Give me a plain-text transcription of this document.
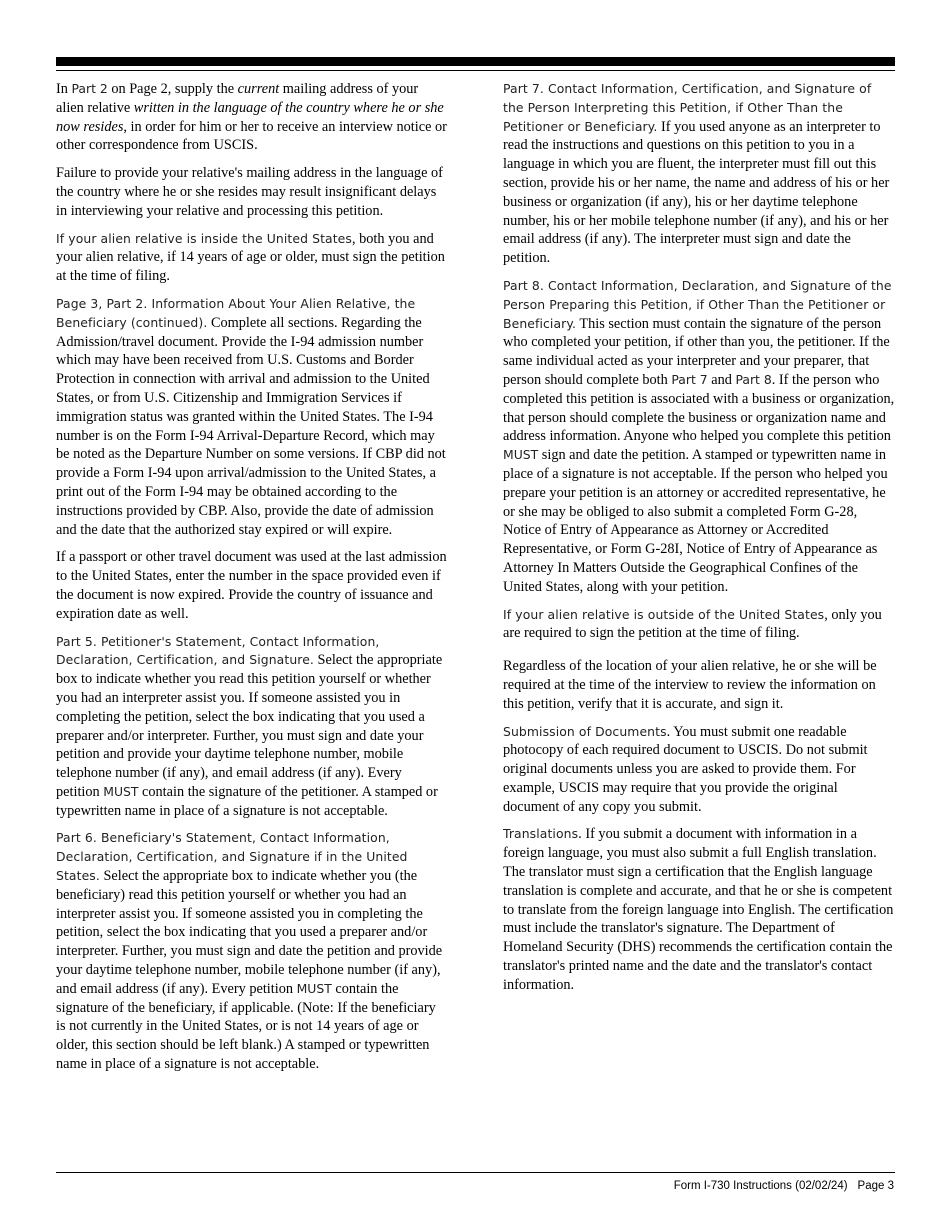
In Part 2 on Page 2, supply the current mailing address of your alien relative written in the language of the country where he or she now resides, in order for him or her to receive an interview notice or other correspondence from USCIS.

Failure to provide your relative's mailing address in the language of the country where he or she resides may result insignificant delays in interviewing your relative and processing this petition.

If your alien relative is inside the United States, both you and your alien relative, if 14 years of age or older, must sign the petition at the time of filing.

Page 3, Part 2. Information About Your Alien Relative, the Beneficiary (continued). Complete all sections. Regarding the Admission/travel document. Provide the I-94 admission number which may have been received from U.S. Customs and Border Protection in connection with arrival and admission to the United States, or from U.S. Citizenship and Immigration Services if immigration status was granted within the United States. The I-94 number is on the Form I-94 Arrival-Departure Record, which may be noted as the Departure Number on some versions. If CBP did not provide a Form I-94 upon arrival/admission to the United States, a print out of the Form I-94 may be obtained according to the instructions provided by CBP. Also, provide the date of admission and the date that the authorized stay expired or will expire.

If a passport or other travel document was used at the last admission to the United States, enter the number in the space provided even if the document is now expired. Provide the country of issuance and expiration date as well.

Part 5. Petitioner's Statement, Contact Information, Declaration, Certification, and Signature. Select the appropriate box to indicate whether you read this petition yourself or whether you had an interpreter assist you. If someone assisted you in completing the petition, select the box indicating that you used a preparer and/or interpreter. Further, you must sign and date your petition and provide your daytime telephone number, mobile telephone number (if any), and email address (if any). Every petition MUST contain the signature of the petitioner. A stamped or typewritten name in place of a signature is not acceptable.

Part 6. Beneficiary's Statement, Contact Information, Declaration, Certification, and Signature if in the United States. Select the appropriate box to indicate whether you (the beneficiary) read this petition yourself or whether you had an interpreter assist you. If someone assisted you in completing the petition, select the box indicating that you used a preparer and/or interpreter. Further, you must sign and date the petition and provide your daytime telephone number, mobile telephone number (if any), and email address (if any). Every petition MUST contain the signature of the beneficiary, if applicable. (Note: If the beneficiary is not currently in the United States, or is not 14 years of age or older, this section should be left blank.) A stamped or typewritten name in place of a signature is not acceptable.

Part 7. Contact Information, Certification, and Signature of the Person Interpreting this Petition, if Other Than the Petitioner or Beneficiary. If you used anyone as an interpreter to read the instructions and questions on this petition to you in a language in which you are fluent, the interpreter must fill out this section, provide his or her name, the name and address of his or her business or organization (if any), his or her daytime telephone number, his or her mobile telephone number (if any), and his or her email address (if any). The interpreter must sign and date the petition.

Part 8. Contact Information, Declaration, and Signature of the Person Preparing this Petition, if Other Than the Petitioner or Beneficiary. This section must contain the signature of the person who completed your petition, if other than you, the petitioner. If the same individual acted as your interpreter and your preparer, that person should complete both Part 7 and Part 8. If the person who completed this petition is associated with a business or organization, that person should complete the business or organization name and address information. Anyone who helped you complete this petition MUST sign and date the petition. A stamped or typewritten name in place of a signature is not acceptable. If the person who helped you prepare your petition is an attorney or accredited representative, he or she may be obliged to also submit a completed Form G-28, Notice of Entry of Appearance as Attorney or Accredited Representative, or Form G-28I, Notice of Entry of Appearance as Attorney In Matters Outside the Geographical Confines of the United States, along with your petition.

If your alien relative is outside of the United States, only you are required to sign the petition at the time of filing.

Regardless of the location of your alien relative, he or she will be required at the time of the interview to review the information on this petition, verify that it is accurate, and sign it.

Submission of Documents. You must submit one readable photocopy of each required document to USCIS. Do not submit original documents unless you are asked to provide them. For example, USCIS may require that you provide the original document of any copy you submit.

Translations. If you submit a document with information in a foreign language, you must also submit a full English translation. The translator must sign a certification that the English language translation is complete and accurate, and that he or she is competent to translate from the foreign language into English. The certification must include the translator's signature. The Department of Homeland Security (DHS) recommends the certification contain the translator's printed name and the date and the translator's contact information.

Form I-730 Instructions (02/02/24) Page 3
